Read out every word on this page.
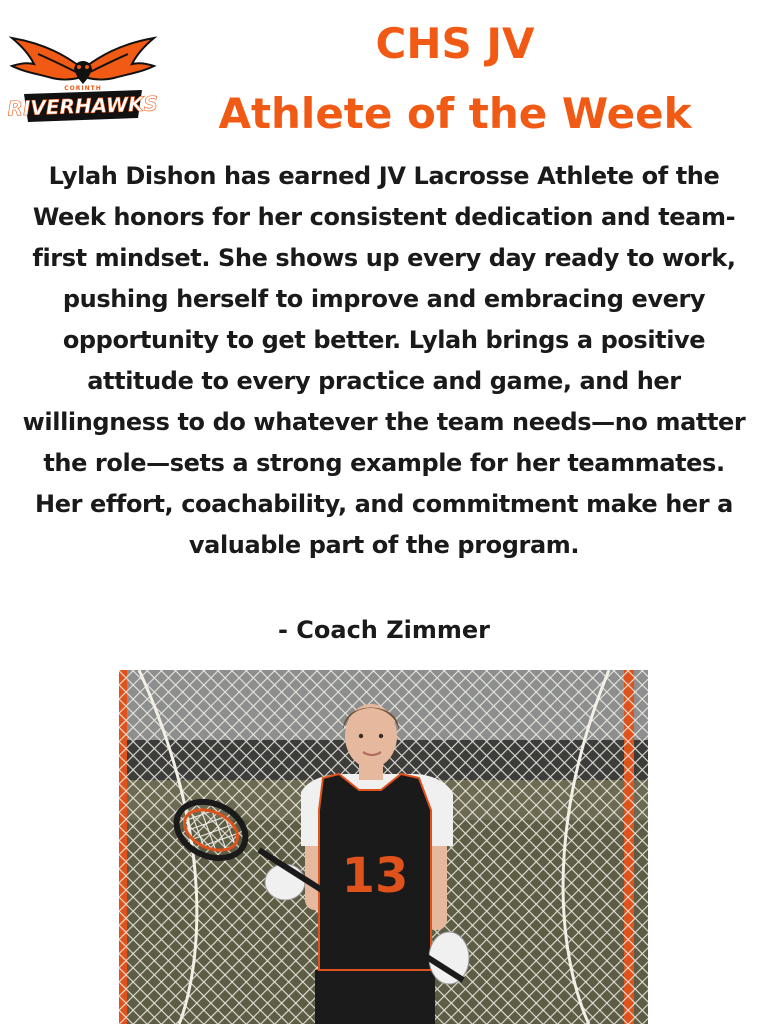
CORINTH
RIVERHAWKS
CHS JV
Athlete of the Week

Lylah Dishon has earned JV Lacrosse Athlete of the Week honors for her consistent dedication and team-first mindset. She shows up every day ready to work, pushing herself to improve and embracing every opportunity to get better. Lylah brings a positive attitude to every practice and game, and her willingness to do whatever the team needs—no matter the role—sets a strong example for her teammates. Her effort, coachability, and commitment make her a valuable part of the program.

- Coach Zimmer

13
